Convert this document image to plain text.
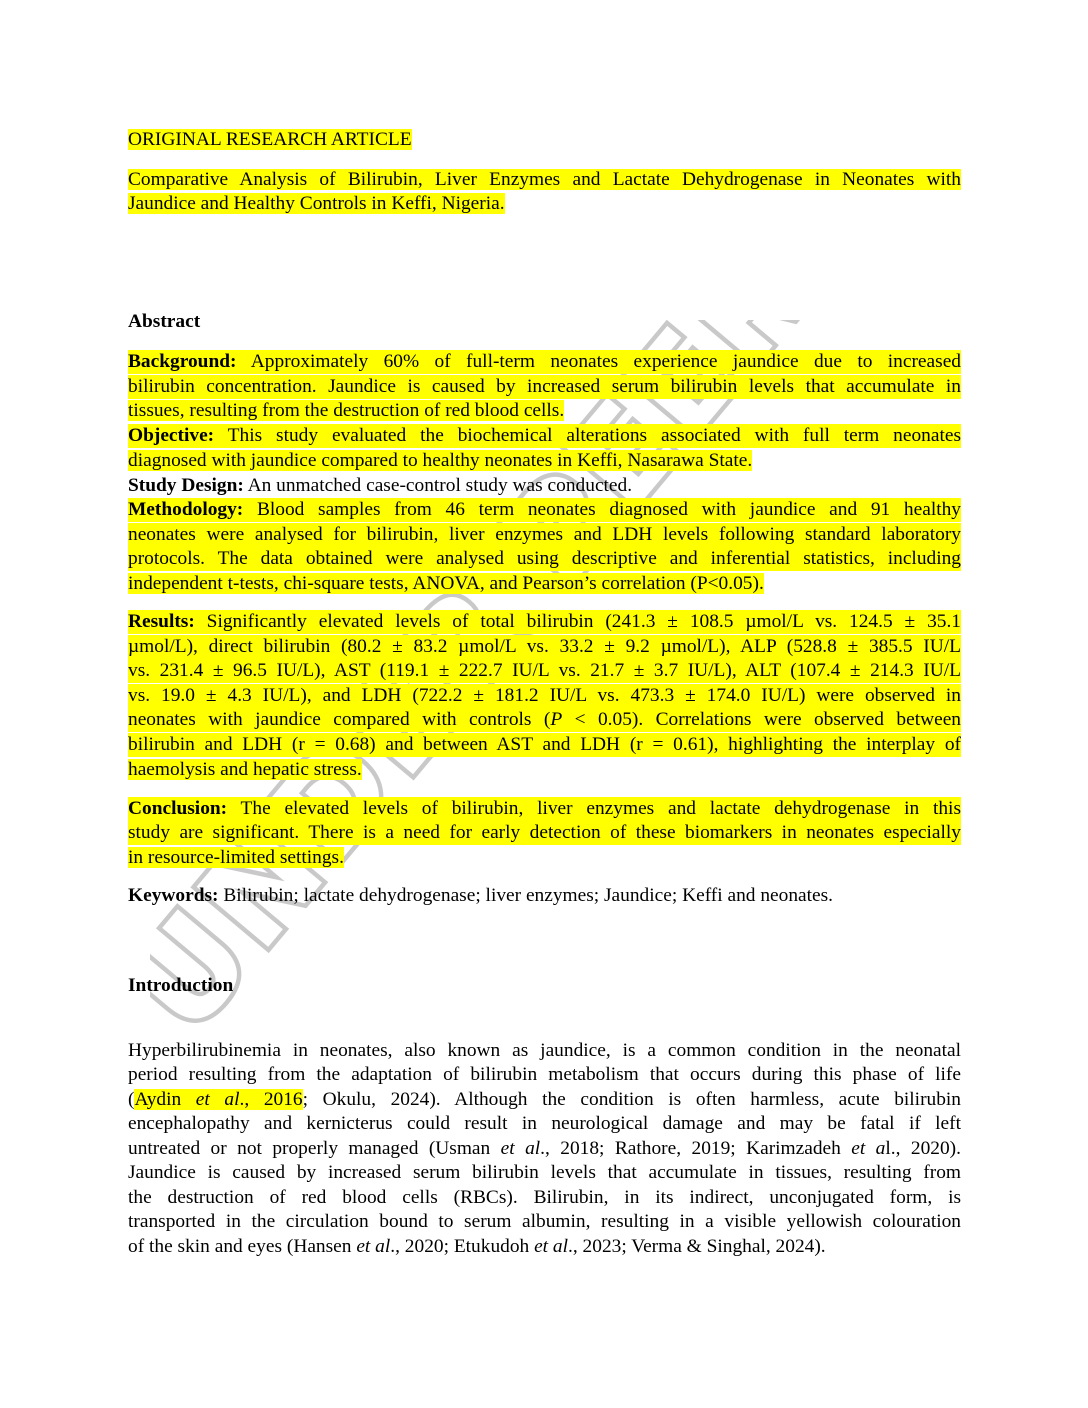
ORIGINAL RESEARCH ARTICLE
Comparative Analysis of Bilirubin, Liver Enzymes and Lactate Dehydrogenase in Neonates with
Jaundice and Healthy Controls in Keffi, Nigeria.
Abstract
Background: Approximately 60% of full-term neonates experience jaundice due to increased
bilirubin concentration. Jaundice is caused by increased serum bilirubin levels that accumulate in
tissues, resulting from the destruction of red blood cells.
Objective: This study evaluated the biochemical alterations associated with full term neonates
diagnosed with jaundice compared to healthy neonates in Keffi, Nasarawa State.
Study Design: An unmatched case-control study was conducted.
Methodology: Blood samples from 46 term neonates diagnosed with jaundice and 91 healthy
neonates were analysed for bilirubin, liver enzymes and LDH levels following standard laboratory
protocols. The data obtained were analysed using descriptive and inferential statistics, including
independent t-tests, chi-square tests, ANOVA, and Pearson’s correlation (P<0.05).
Results: Significantly elevated levels of total bilirubin (241.3 ± 108.5 µmol/L vs. 124.5 ± 35.1
µmol/L), direct bilirubin (80.2 ± 83.2 µmol/L vs. 33.2 ± 9.2 µmol/L), ALP (528.8 ± 385.5 IU/L
vs. 231.4 ± 96.5 IU/L), AST (119.1 ± 222.7 IU/L vs. 21.7 ± 3.7 IU/L), ALT (107.4 ± 214.3 IU/L
vs. 19.0 ± 4.3 IU/L), and LDH (722.2 ± 181.2 IU/L vs. 473.3 ± 174.0 IU/L) were observed in
neonates with jaundice compared with controls (P < 0.05). Correlations were observed between
bilirubin and LDH (r = 0.68) and between AST and LDH (r = 0.61), highlighting the interplay of
haemolysis and hepatic stress.
Conclusion: The elevated levels of bilirubin, liver enzymes and lactate dehydrogenase in this
study are significant. There is a need for early detection of these biomarkers in neonates especially
in resource-limited settings.
Keywords: Bilirubin; lactate dehydrogenase; liver enzymes; Jaundice; Keffi and neonates.
Introduction
Hyperbilirubinemia in neonates, also known as jaundice, is a common condition in the neonatal
period resulting from the adaptation of bilirubin metabolism that occurs during this phase of life
(Aydin et al., 2016; Okulu, 2024). Although the condition is often harmless, acute bilirubin
encephalopathy and kernicterus could result in neurological damage and may be fatal if left
untreated or not properly managed (Usman et al., 2018; Rathore, 2019; Karimzadeh et al., 2020).
Jaundice is caused by increased serum bilirubin levels that accumulate in tissues, resulting from
the destruction of red blood cells (RBCs). Bilirubin, in its indirect, unconjugated form, is
transported in the circulation bound to serum albumin, resulting in a visible yellowish colouration
of the skin and eyes (Hansen et al., 2020; Etukudoh et al., 2023; Verma & Singhal, 2024).
